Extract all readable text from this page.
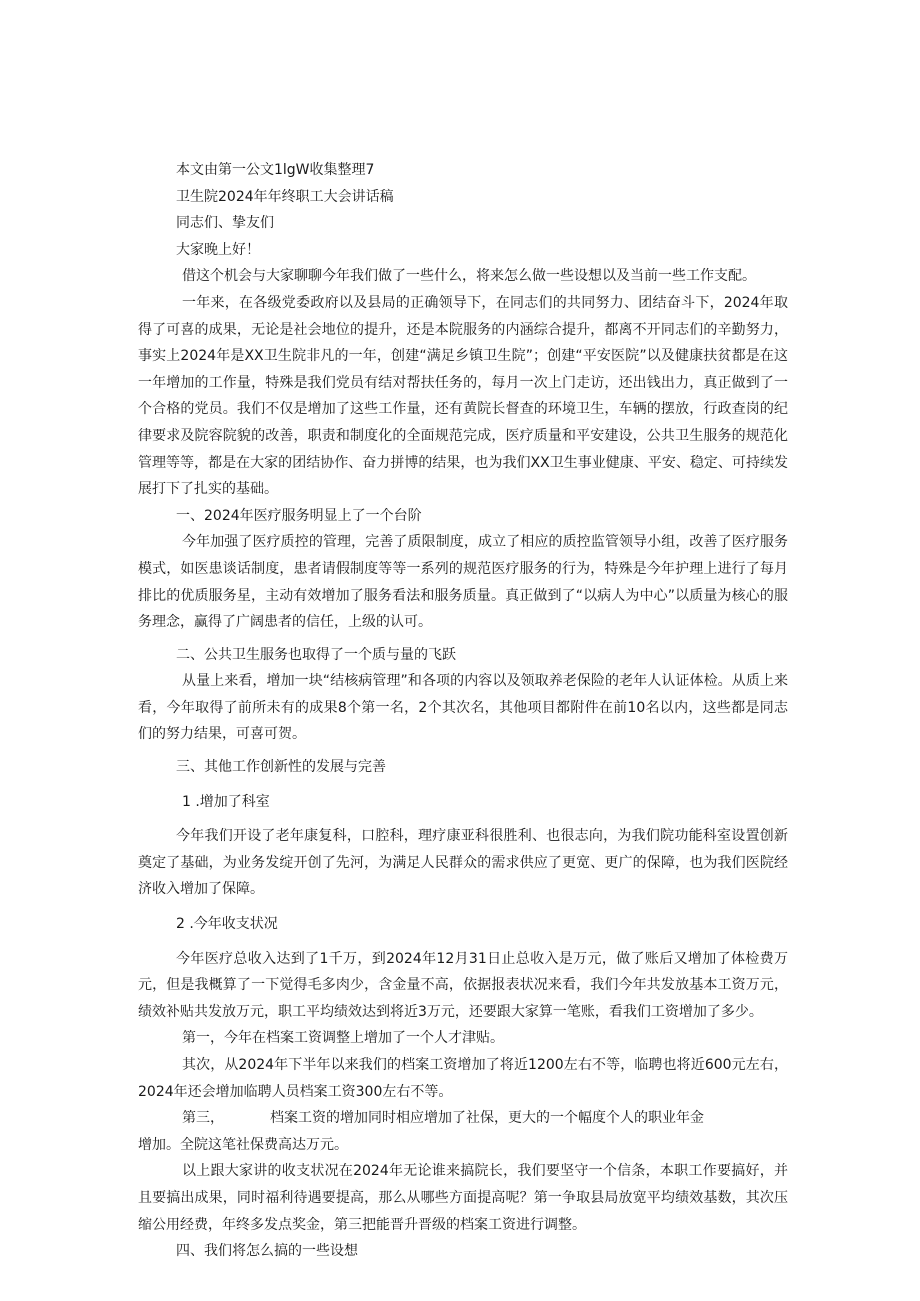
本文由第一公文1lgW收集整理7

卫生院2024年年终职工大会讲话稿

同志们、挚友们

大家晚上好！

借这个机会与大家聊聊今年我们做了一些什么，将来怎么做一些设想以及当前一些工作支配。

一年来，在各级党委政府以及县局的正确领导下，在同志们的共同努力、团结奋斗下，2024年取得了可喜的成果，无论是社会地位的提升，还是本院服务的内涵综合提升，都离不开同志们的辛勤努力，事实上2024年是XX卫生院非凡的一年，创建“满足乡镇卫生院”；创建“平安医院”以及健康扶贫都是在这一年增加的工作量，特殊是我们党员有结对帮扶任务的，每月一次上门走访，还出钱出力，真正做到了一个合格的党员。我们不仅是增加了这些工作量，还有黄院长督查的环境卫生，车辆的摆放，行政查岗的纪律要求及院容院貌的改善，职责和制度化的全面规范完成，医疗质量和平安建设，公共卫生服务的规范化管理等等，都是在大家的团结协作、奋力拼博的结果，也为我们XX卫生事业健康、平安、稳定、可持续发展打下了扎实的基础。

一、2024年医疗服务明显上了一个台阶

今年加强了医疗质控的管理，完善了质限制度，成立了相应的质控监管领导小组，改善了医疗服务模式，如医患谈话制度，患者请假制度等等一系列的规范医疗服务的行为，特殊是今年护理上进行了每月排比的优质服务星，主动有效增加了服务看法和服务质量。真正做到了“以病人为中心”以质量为核心的服务理念，赢得了广阔患者的信任，上级的认可。

二、公共卫生服务也取得了一个质与量的飞跃

从量上来看，增加一块“结核病管理”和各项的内容以及领取养老保险的老年人认证体检。从质上来看，今年取得了前所未有的成果8个第一名，2个其次名，其他项目都附件在前10名以内，这些都是同志们的努力结果，可喜可贺。

三、其他工作创新性的发展与完善

1 .增加了科室

今年我们开设了老年康复科，口腔科，理疗康亚科很胜利、也很志向，为我们院功能科室设置创新奠定了基础，为业务发绽开创了先河，为满足人民群众的需求供应了更宽、更广的保障，也为我们医院经济收入增加了保障。

2 .今年收支状况

今年医疗总收入达到了1千万，到2024年12月31日止总收入是万元，做了账后又增加了体检费万元，但是我概算了一下觉得毛多肉少，含金量不高，依据报表状况来看，我们今年共发放基本工资万元，绩效补贴共发放万元，职工平均绩效达到将近3万元，还要跟大家算一笔账，看我们工资增加了多少。

第一，今年在档案工资调整上增加了一个人才津贴。

其次，从2024年下半年以来我们的档案工资增加了将近1200左右不等，临聘也将近600元左右，2024年还会增加临聘人员档案工资300左右不等。

第三，	档案工资的增加同时相应增加了社保，更大的一个幅度个人的职业年金

增加。全院这笔社保费高达万元。

以上跟大家讲的收支状况在2024年无论谁来搞院长，我们要坚守一个信条，本职工作要搞好，并且要搞出成果，同时福利待遇要提高，那么从哪些方面提高呢？第一争取县局放宽平均绩效基数，其次压缩公用经费，年终多发点奖金，第三把能晋升晋级的档案工资进行调整。

四、我们将怎么搞的一些设想
